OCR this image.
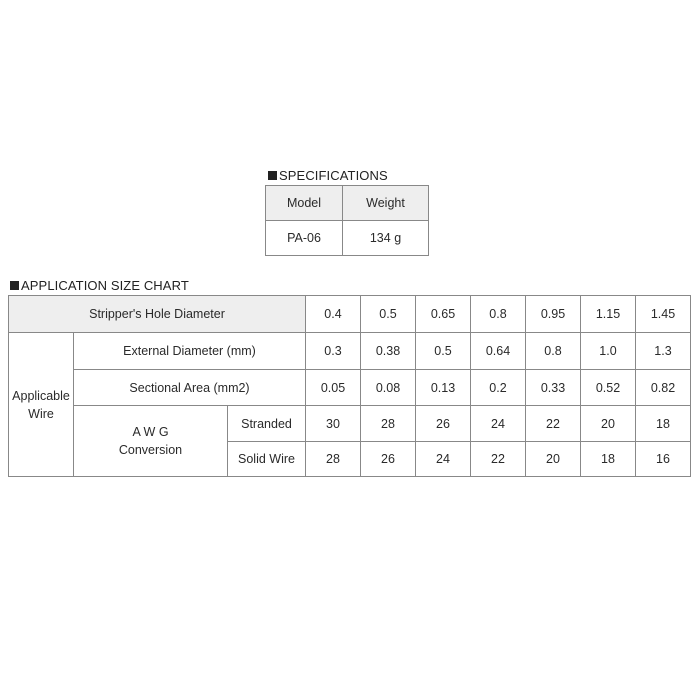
SPECIFICATIONS
Model	Weight
PA-06	134 g
APPLICATION SIZE CHART
Stripper's Hole Diameter			0.4	0.5	0.65	0.8	0.95	1.15	1.45

Applicable
Wire	External Diameter (mm)		0.3	0.38	0.5	0.64	0.8	1.0	1.3
	Sectional Area (mm2)		0.05	0.08	0.13	0.2	0.33	0.52	0.82

	A W G
Conversion	Stranded	30	28	26	24	22	20	18
		Solid Wire	28	26	24	22	20	18	16
